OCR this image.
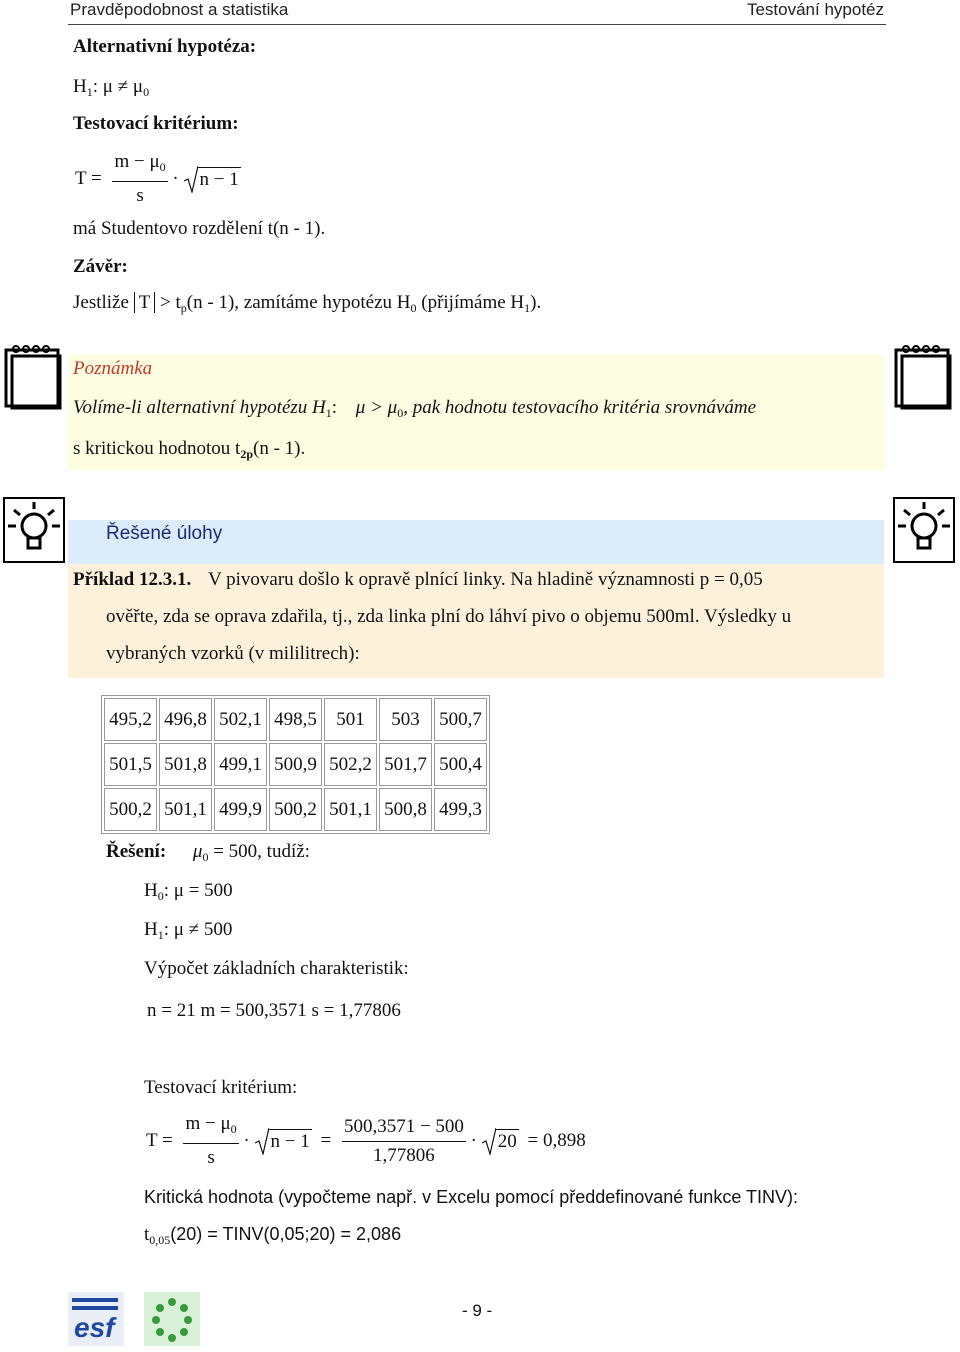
Pravděpodobnost a statistika	Testování hypotéz
Alternativní hypotéza:
$H_1$: $\mu \ne \mu_0$
Testovací kritérium:
$T = \frac{m - \mu_0}{s} \cdot n - 1$
má Studentovo rozdělení t(n - 1).
Závěr:
Jestliže $T > t_p(n - 1)$, zamítáme hypotézu $H_0$ (přijímáme $H_1$).
Poznámka
Volíme-li alternativní hypotézu $H_1$: $\mu > \mu_0$, pak hodnotu testovacího kritéria srovnáváme
s kritickou hodnotou $t_{2p}(n - 1)$.
Řešené úlohy
Příklad 12.3.1. V pivovaru došlo k opravě plnící linky. Na hladině významnosti p = 0,05
ověřte, zda se oprava zdařila, tj., zda linka plní do láhví pivo o objemu 500ml. Výsledky u
vybraných vzorků (v mililitrech):
495,2	496,8	502,1	498,5	501	503	500,7
501,5	501,8	499,1	500,9	502,2	501,7	500,4
500,2	501,1	499,9	500,2	501,1	500,8	499,3
Řešení: $\mu_0 = 500$, tudíž:
$H_0$: μ = 500
$H_1$: μ ≠ 500
Výpočet základních charakteristik:
n = 21 m = 500,3571 s = 1,77806
Testovací kritérium:
$T = \frac{m - \mu_0}{s} \cdot n - 1 = \frac{500,3571 - 500}{1,77806} \cdot 20 = 0,898$
Kritická hodnota (vypočteme např. v Excelu pomocí předdefinované funkce TINV):
$t_{0,05}(20)$ = TINV(0,05;20) = 2,086
esf
- 9 -
